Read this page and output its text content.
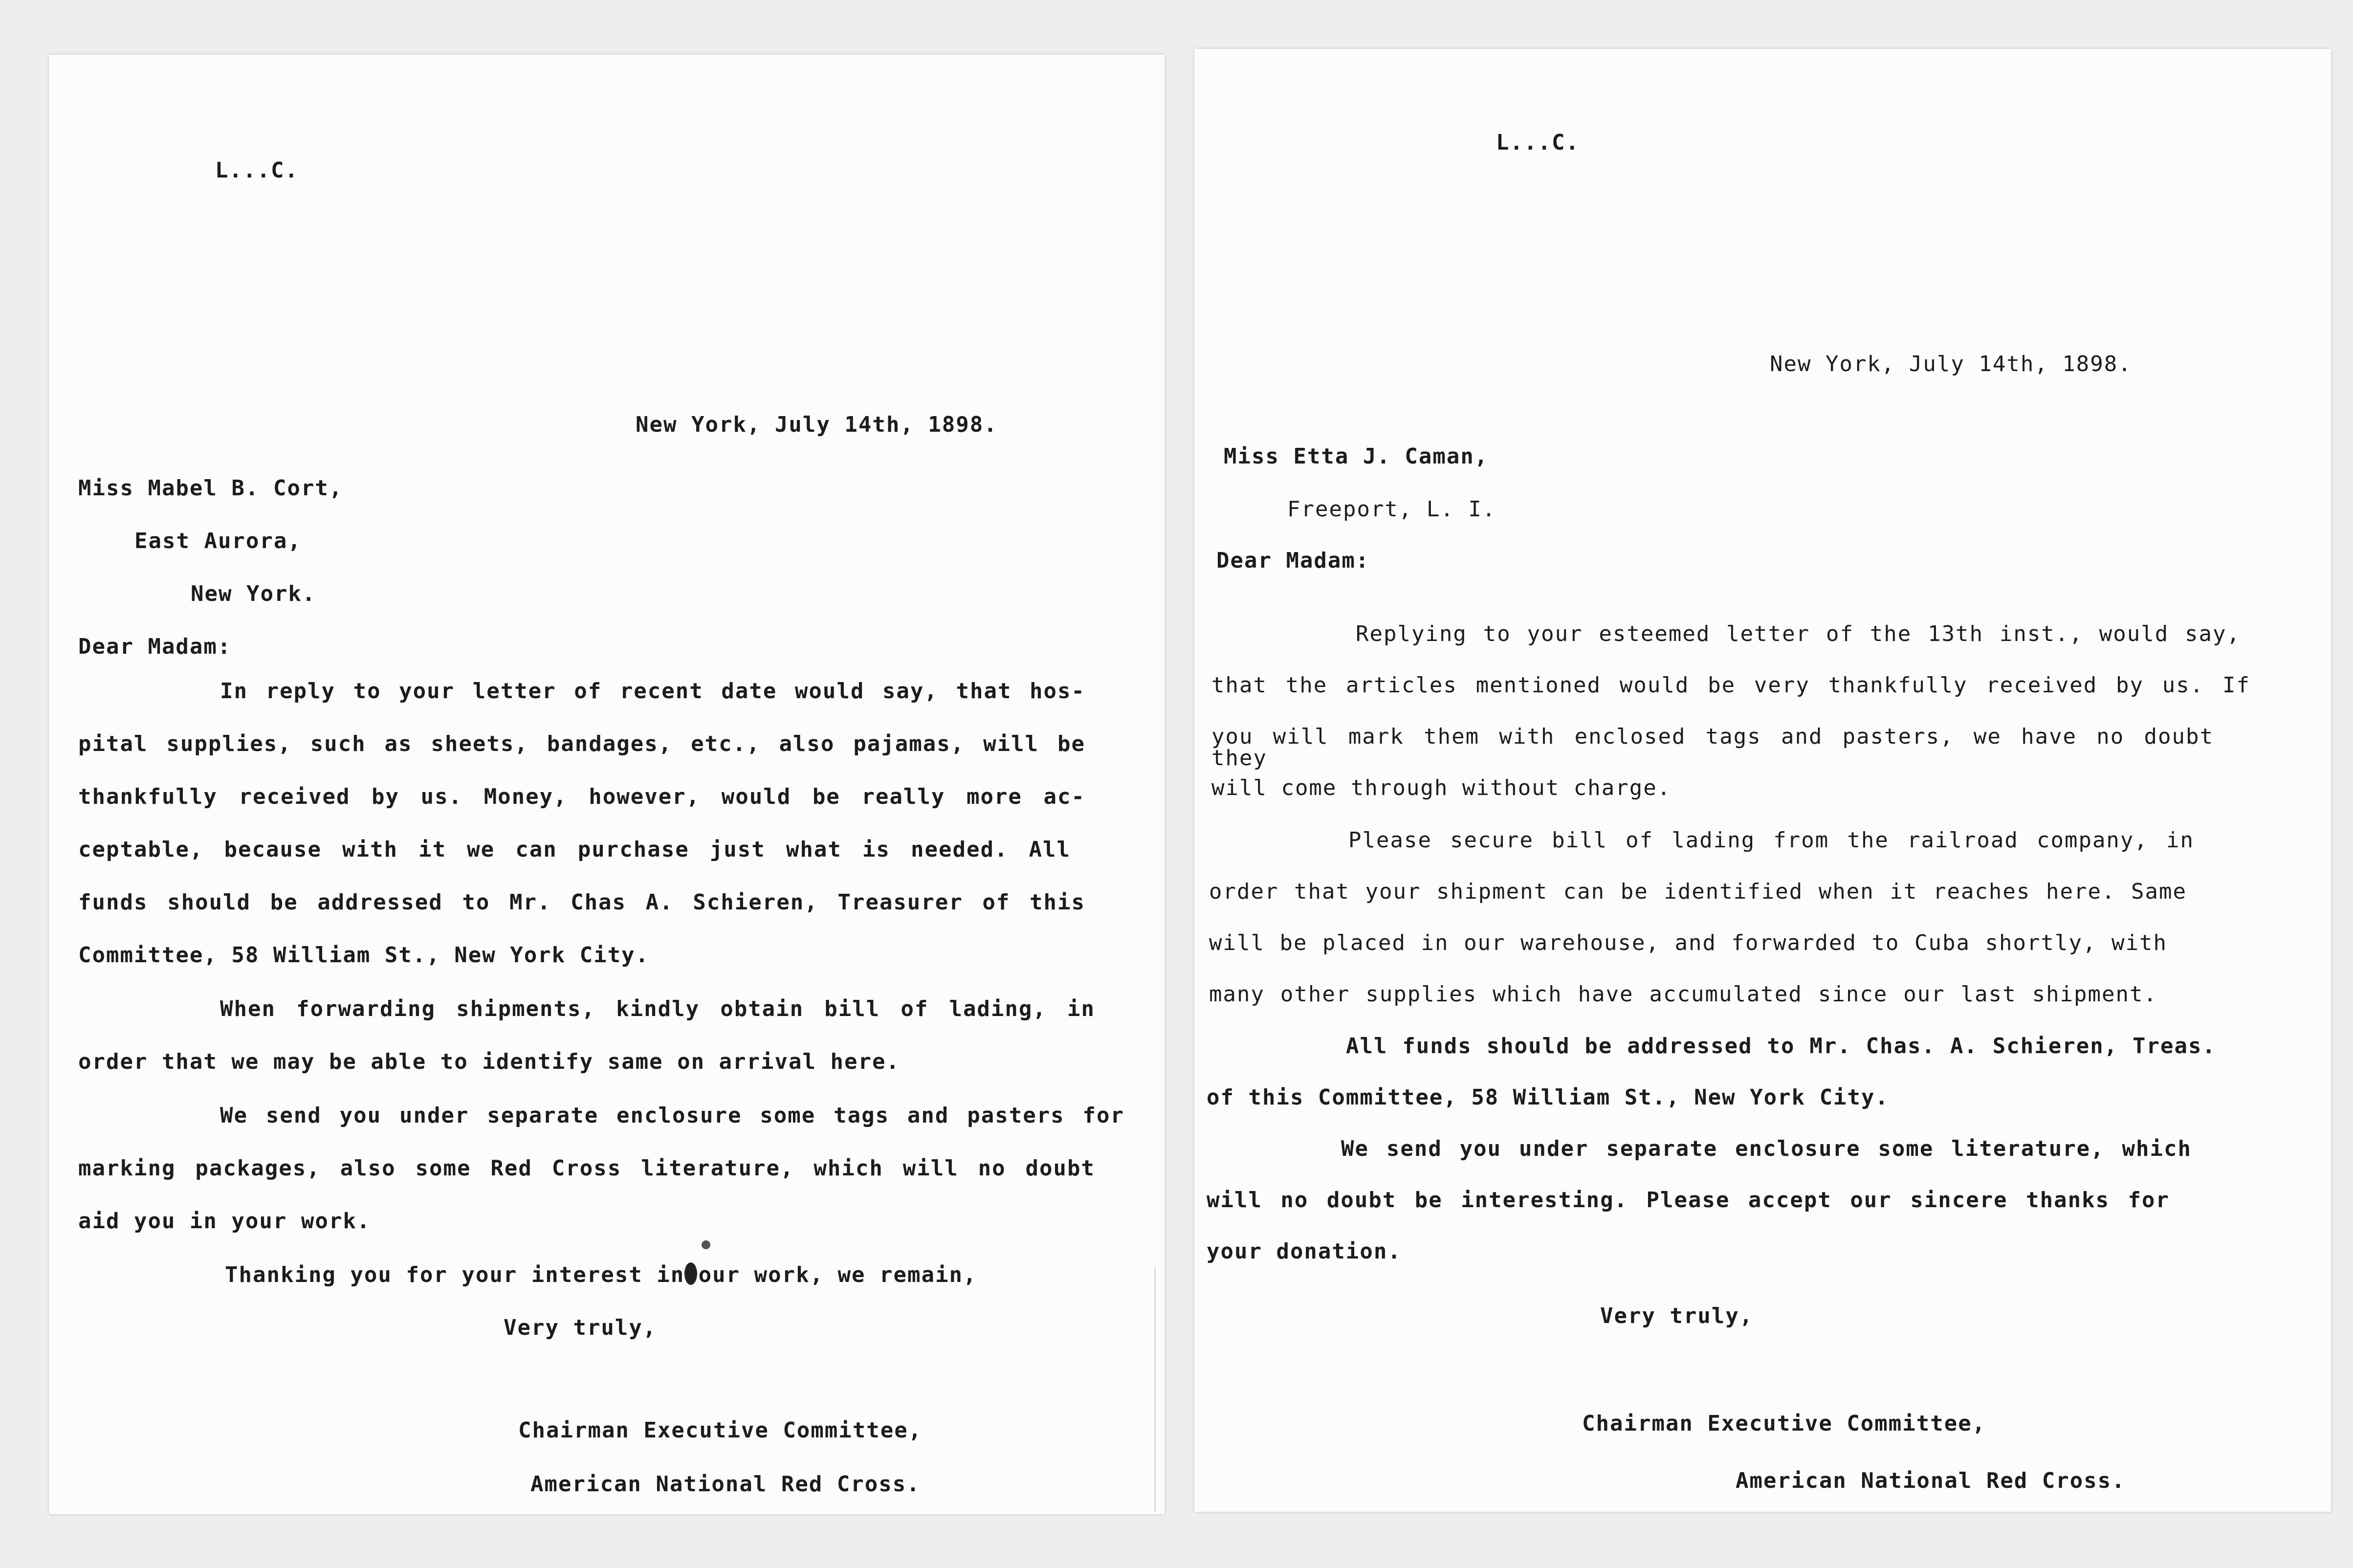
L...C.

New York, July 14th, 1898.

Miss Mabel B. Cort,

East Aurora,

New York.

Dear Madam:

In reply to your letter of recent date would say, that hos-

pital supplies, such as sheets, bandages, etc., also pajamas, will be

thankfully received by us. Money, however, would be really more ac-

ceptable, because with it we can purchase just what is needed. All

funds should be addressed to Mr. Chas A. Schieren, Treasurer of this

Committee, 58 William St., New York City.

When forwarding shipments, kindly obtain bill of lading, in

order that we may be able to identify same on arrival here.

We send you under separate enclosure some tags and pasters for

marking packages, also some Red Cross literature, which will no doubt

aid you in your work.

Thanking you for your interest in our work, we remain,

Very truly,

Chairman Executive Committee,

American National Red Cross.

L...C.

New York, July 14th, 1898.

Miss Etta J. Caman,

Freeport, L. I.

Dear Madam:

Replying to your esteemed letter of the 13th inst., would say,

that the articles mentioned would be very thankfully received by us. If

you will mark them with enclosed tags and pasters, we have no doubt they

will come through without charge.

Please secure bill of lading from the railroad company, in

order that your shipment can be identified when it reaches here. Same

will be placed in our warehouse, and forwarded to Cuba shortly, with

many other supplies which have accumulated since our last shipment.

All funds should be addressed to Mr. Chas. A. Schieren, Treas.

of this Committee, 58 William St., New York City.

We send you under separate enclosure some literature, which

will no doubt be interesting. Please accept our sincere thanks for

your donation.

Very truly,

Chairman Executive Committee,

American National Red Cross.
